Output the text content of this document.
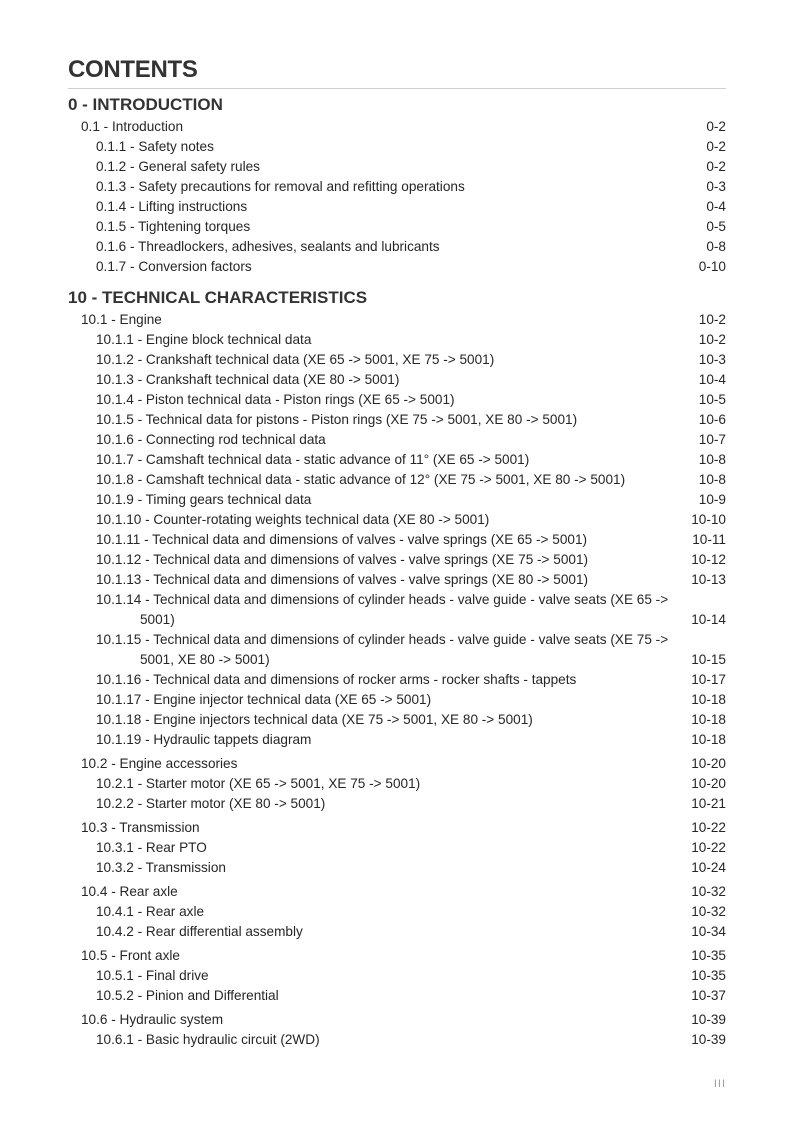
CONTENTS
0 - INTRODUCTION
0.1 - Introduction	0-2
0.1.1 - Safety notes	0-2
0.1.2 - General safety rules	0-2
0.1.3 - Safety precautions for removal and refitting operations	0-3
0.1.4 - Lifting instructions	0-4
0.1.5 - Tightening torques	0-5
0.1.6 - Threadlockers, adhesives, sealants and lubricants	0-8
0.1.7 - Conversion factors	0-10
10 - TECHNICAL CHARACTERISTICS
10.1 - Engine	10-2
10.1.1 - Engine block technical data	10-2
10.1.2 - Crankshaft technical data (XE 65 -> 5001, XE 75 -> 5001)	10-3
10.1.3 - Crankshaft technical data (XE 80 -> 5001)	10-4
10.1.4 - Piston technical data - Piston rings (XE 65 -> 5001)	10-5
10.1.5 - Technical data for pistons - Piston rings (XE 75 -> 5001, XE 80 -> 5001)	10-6
10.1.6 - Connecting rod technical data	10-7
10.1.7 - Camshaft technical data - static advance of 11° (XE 65 -> 5001)	10-8
10.1.8 - Camshaft technical data - static advance of 12° (XE 75 -> 5001, XE 80 -> 5001)	10-8
10.1.9 - Timing gears technical data	10-9
10.1.10 - Counter-rotating weights technical data (XE 80 -> 5001)	10-10
10.1.11 - Technical data and dimensions of valves - valve springs (XE 65 -> 5001)	10-11
10.1.12 - Technical data and dimensions of valves - valve springs (XE 75 -> 5001)	10-12
10.1.13 - Technical data and dimensions of valves - valve springs (XE 80 -> 5001)	10-13
10.1.14 - Technical data and dimensions of cylinder heads - valve guide - valve seats (XE 65 -> 5001)	10-14
10.1.15 - Technical data and dimensions of cylinder heads - valve guide - valve seats (XE 75 -> 5001, XE 80 -> 5001)	10-15
10.1.16 - Technical data and dimensions of rocker arms - rocker shafts - tappets	10-17
10.1.17 - Engine injector technical data (XE 65 -> 5001)	10-18
10.1.18 - Engine injectors technical data (XE 75 -> 5001, XE 80 -> 5001)	10-18
10.1.19 - Hydraulic tappets diagram	10-18
10.2 - Engine accessories	10-20
10.2.1 - Starter motor (XE 65 -> 5001, XE 75 -> 5001)	10-20
10.2.2 - Starter motor (XE 80 -> 5001)	10-21
10.3 - Transmission	10-22
10.3.1 - Rear PTO	10-22
10.3.2 - Transmission	10-24
10.4 - Rear axle	10-32
10.4.1 - Rear axle	10-32
10.4.2 - Rear differential assembly	10-34
10.5 - Front axle	10-35
10.5.1 - Final drive	10-35
10.5.2 - Pinion and Differential	10-37
10.6 - Hydraulic system	10-39
10.6.1 - Basic hydraulic circuit (2WD)	10-39
III
